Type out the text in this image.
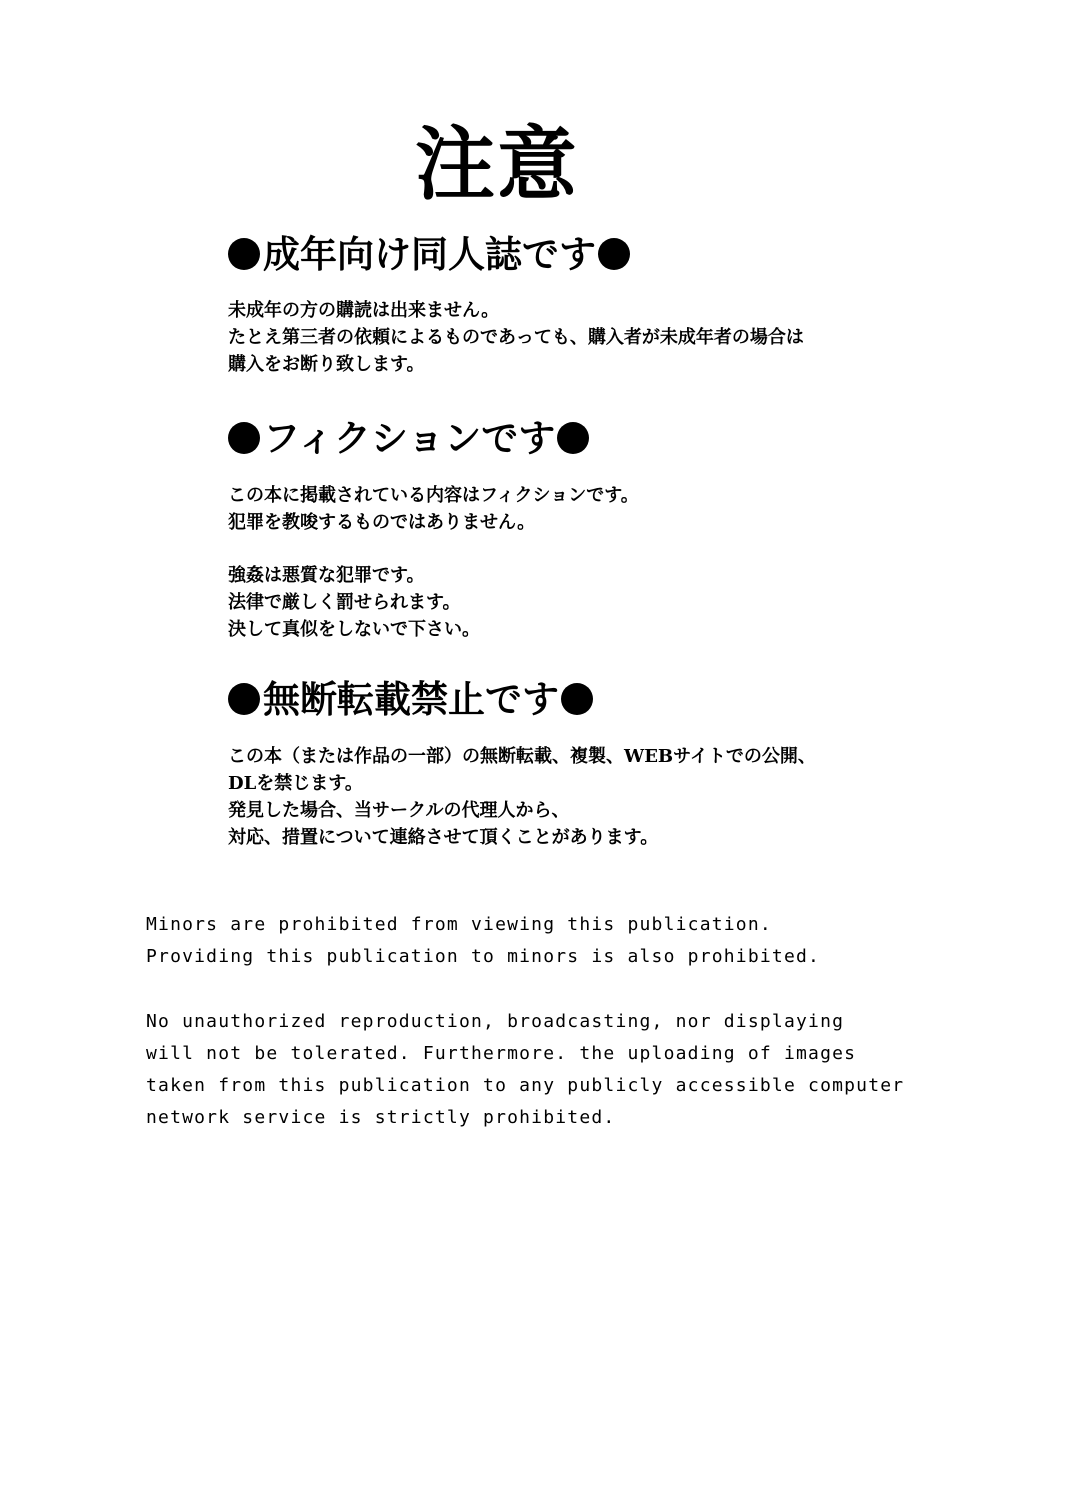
注意
成年向け同人誌です
未成年の方の購読は出来ません。
たとえ第三者の依頼によるものであっても、購入者が未成年者の場合は
購入をお断り致します。
フィクションです
この本に掲載されている内容はフィクションです。
犯罪を教唆するものではありません。
強姦は悪質な犯罪です。
法律で厳しく罰せられます。
決して真似をしないで下さい。
無断転載禁止です
この本（または作品の一部）の無断転載、複製、WEBサイトでの公開、
DLを禁じます。
発見した場合、当サークルの代理人から、
対応、措置について連絡させて頂くことがあります。
Minors are prohibited from viewing this publication.
Providing this publication to minors is also prohibited.
No unauthorized reproduction, broadcasting, nor displaying
will not be tolerated. Furthermore. the uploading of images
taken from this publication to any publicly accessible computer
network service is strictly prohibited.
